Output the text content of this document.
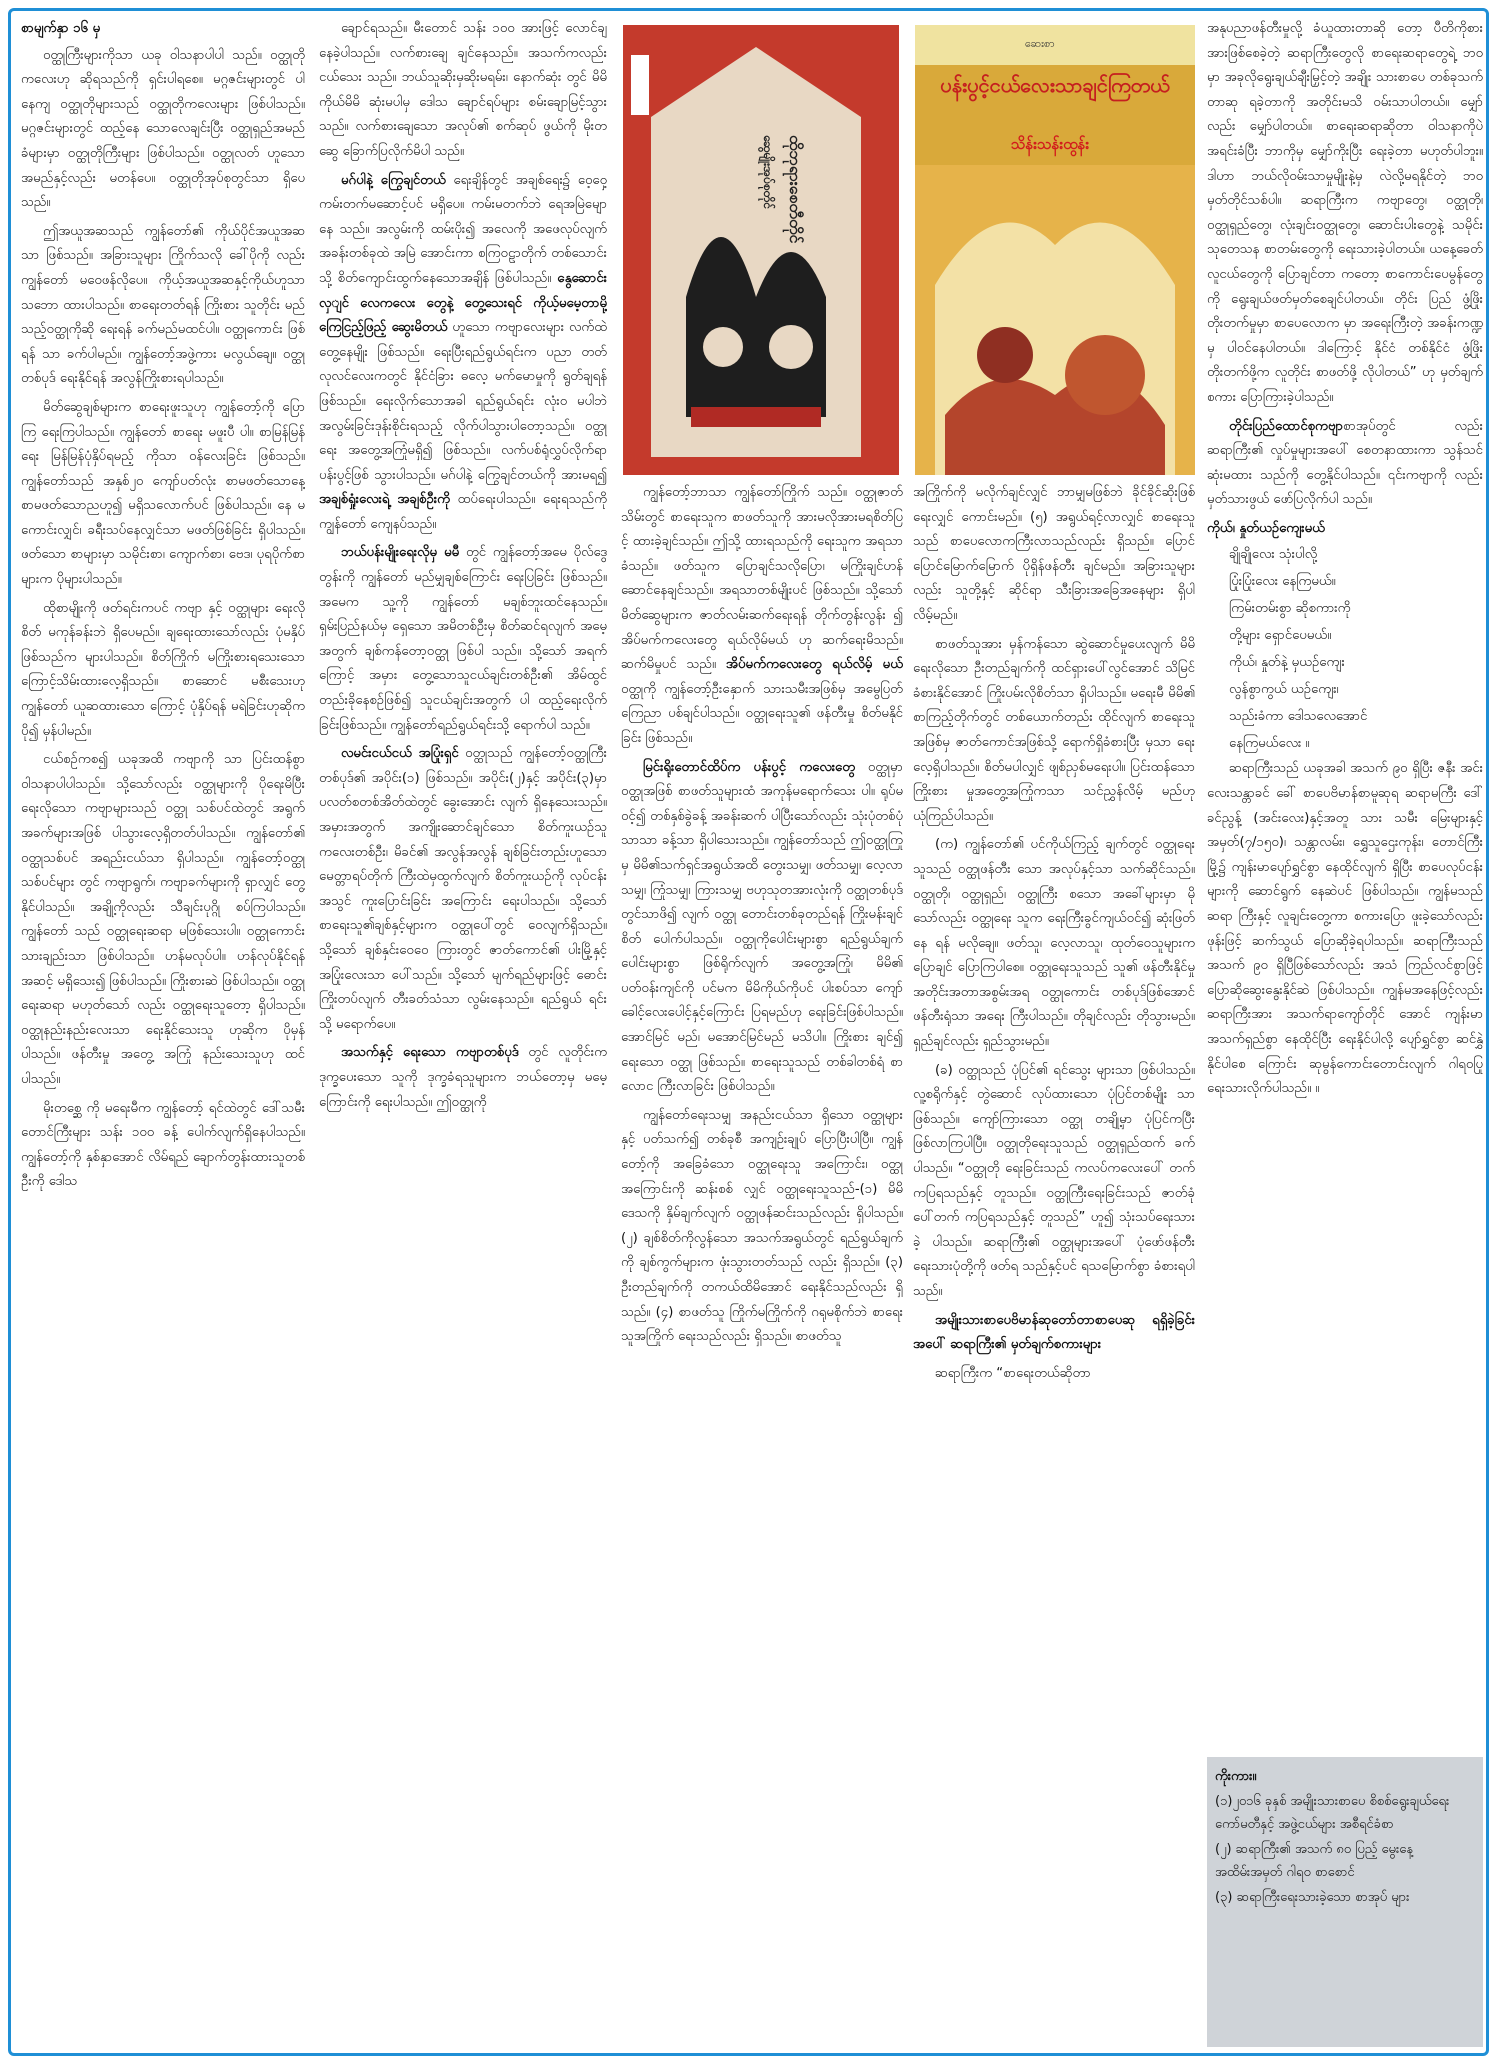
စာမျက်နှာ ၁၆ မှ

ဝတ္ထုကြီးများကိုသာ ယခု ဝါသနာပါပါ သည်။ ဝတ္ထုတိုကလေးဟု ဆိုရသည်ကို ရှင်းပါရစေ။ မဂ္ဂဇင်းများတွင် ပါနေကျ ဝတ္ထုတိုများသည် ဝတ္ထုတိုကလေးများ ဖြစ်ပါသည်။ မဂ္ဂဇင်းများတွင် ထည့်နေ သောလေချင်းပြီး ဝတ္ထုရှည်အမည်ခံများမှာ ဝတ္ထုတိုကြီးများ ဖြစ်ပါသည်။ ဝတ္ထုလတ် ဟူသော အမည်နှင့်လည်း မတန်ပေ။ ဝတ္ထုတိုအုပ်စုတွင်သာ ရှိပေသည်။

ဤအယူအဆသည် ကျွန်တော်၏ ကိုယ်ပိုင်အယူအဆသာ ဖြစ်သည်။ အခြားသူများ ကြိုက်သလို ခေါ်ပိုကို လည်း ကျွန်တော် မဝေဖန်လိုပေ။ ကိုယ့်အယူအဆနှင့်ကိုယ်ဟူသာသဘော ထားပါသည်။ စာရေးတတ်ရန် ကြိုးစား သူတိုင်း မည်သည့်ဝတ္ထုကိုဆို ရေးရန် ခက်မည်မထင်ပါ။ ဝတ္ထုကောင်း ဖြစ်ရန် သာ ခက်ပါမည်။ ကျွန်တော့်အဖွဲ့ကား မလွယ်ချေ။ ဝတ္ထုတစ်ပုဒ် ရေးနိုင်ရန် အလွန်ကြိုးစားရပါသည်။

မိတ်ဆွေချစ်များက စာရေးဖူးသူဟု ကျွန်တော့်ကို ပြောကြ ရေးကြပါသည်။ ကျွန်တော် စာရေး မဖူးပီ ပါ။ စာမြန်မြန်ရေး မြန်မြန်ပုံနှိပ်ရမည့် ကိုသာ ဝန်လေးခြင်း ဖြစ်သည်။ ကျွန်တော်သည် အနှစ်၂၀ ကျော်ပတ်လုံး စာမဖတ်သောနေ့ စာမဖတ်သောညဟူ၍ မရှိသလောက်ပင် ဖြစ်ပါသည်။ နေ မကောင်းလျှင်၊ ခရီးသပ်နေလျှင်သာ မဖတ်ဖြစ်ခြင်း ရှိပါသည်။ ဖတ်သော စာများမှာ သမိုင်းစာ၊ ကျောက်စာ၊ ဗေဒ၊ ပုရပိုက်စာများက ပိုများပါသည်။

ထိုစာမျိုးကို ဖတ်ရင်းကပင် ကဗျာ နှင့် ဝတ္ထုများ ရေးလိုစိတ် မကုန်ခန်းဘဲ ရှိပေမည်။ ချရေးထားသော်လည်း ပုံမနှိပ်ဖြစ်သည်က များပါသည်။ စိတ်ကြိုက် မကြိုးစားရသေးသော ကြောင့်သိမ်းထားလေ့ရှိသည်။ စာဆောင် မစီးသေးဟု ကျွန်တော် ယူဆထားသော ကြောင့် ပုံနှိပ်ရန် မရဲခြင်းဟုဆိုက ပို၍ မှန်ပါမည်။

ငယ်စဉ်ကစ၍ ယခုအထိ ကဗျာကို သာ ပြင်းထန်စွာ ဝါသနာပါပါသည်။ သို့သော်လည်း ဝတ္ထုများကို ပိုရေးမိပြီး ရေးလိုသော ကဗျာများသည် ဝတ္ထု သစ်ပင်ထဲတွင် အရွက်အခက်များအဖြစ် ပါသွားလေ့ရှိတတ်ပါသည်။ ကျွန်တော်၏ ဝတ္ထုသစ်ပင် အရည်းငယ်သာ ရှိပါသည်။ ကျွန်တော့်ဝတ္ထုသစ်ပင်များ တွင် ကဗျာရွက်၊ ကဗျာခက်များကို ရှာလျှင် တွေ့နိုင်ပါသည်။ အချို့ကိုလည်း သီချင်းပုဂ္ဂို စပ်ကြပါသည်။ ကျွန်တော် သည် ဝတ္ထုရေးဆရာ မဖြစ်သေးပါ။ ဝတ္ထုကောင်းသားချည်းသာ ဖြစ်ပါသည်။ ဟန်မလုပ်ပါ။ ဟန်လုပ်နိုင်ရန် အဆင့် မရှိသေး၍ ဖြစ်ပါသည်။ ကြိုးစားဆဲ ဖြစ်ပါသည်။ ဝတ္ထုရေးဆရာ မဟုတ်သော် လည်း ဝတ္ထုရေးသူတော့ ရှိပါသည်။ ဝတ္ထုနည်းနည်းလေးသာ ရေးနိုင်သေးသူ ဟုဆိုက ပိုမှန်ပါသည်။ ဖန်တီးမှု အတွေ့ အကြုံ နည်းသေးသူဟု ထင်ပါသည်။

မိုးတစ္ဆေ ကို မရေးမီက ကျွန်တော့် ရင်ထဲတွင် ဒေါ်သမီးတောင်ကြီးများ သန်း ၁၀၀ ခန့် ပေါက်လျက်ရှိနေပါသည်။ ကျွန်တော့်ကို နှစ်နှာအောင် လိမ်ရည် ချောက်တွန်းထားသူတစ်ဦးကို ဒေါသ

ချောင်ရသည်။ မီးတောင် သန်း ၁၀၀ အားဖြင့် လောင်ချနေခဲ့ပါသည်။ လက်စားချေ ချင်နေသည်။ အသက်ကလည်း ငယ်သေး သည်။ ဘယ်သူဆိုးမှဆိုးမရမ်း၊ နောက်ဆုံး တွင် မိမိကိုယ်မိမိ ဆုံးမပါမှ ဒေါသ ချောင်ရပ်များ စမ်းချောမြင့်သွားသည်။ လက်စားချေသော အလုပ်၏ စက်ဆုပ် ဖွယ်ကို မိုးတဆွေ ခြောက်ပြလိုက်မိပါ သည်။

မဂ်ပါနဲ့ ကြွေချင်တယ် ရေးချိန်တွင် အချစ်ရေး၌ ဝေ့ဝှေ့ကမ်းတက်မဆောင့်ပင် မရှိပေ။ ကမ်းမတက်ဘဲ ရေအမြဲမျောနေ သည်။ အလွမ်းကို ထမ်းပိုး၍ အလေကို အဖေလုပ်လျက် အခန်းတစ်ခုထဲ အမြဲ အောင်းကာ စကြဝဠာတိုက် တစ်သောင်း သို့ စိတ်ကျောင်းထွက်နေသောအချိန် ဖြစ်ပါသည်။ နွေဆောင်းလှျင် လေကလေး တွေနဲ့ တွေ့သေးရင် ကိုယ့်မမေ့တာမို့ ကြေငြည့်ဖြည့် ဆွေးမိတယ် ဟူသော ကဗျာလေးများ လက်ထဲတွေ့နေမျိုး ဖြစ်သည်။ ရေးပြီးရည်ရွယ်ရင်းက ပညာ တတ်လုလင်လေးကတွင် နိုင်ငံခြား ဓလေ့ မက်မောမှုကို ရွတ်ချရန် ဖြစ်သည်။ ရေးလိုက်သောအခါ ရည်ရွယ်ရင်း လုံးဝ မပါဘဲ အလွမ်းခြင်းဒုန်းစိုင်းရသည့် လိုက်ပါသွားပါတော့သည်။ ဝတ္ထုရေး အတွေ့အကြုံမရှိ၍ ဖြစ်သည်။ လက်ပစ်ရုံလွှပ်လိုက်ရာ ပန်းပွင့်ဖြစ် သွားပါသည်။ မဂ်ပါနဲ့ ကြွေချင်တယ်ကို အားမရ၍ အချစ်ရှုံးလေးရဲ့ အချစ်ဦးကို ထပ်ရေးပါသည်။ ရေးရသည်ကို ကျွန်တော် ကျေနပ်သည်။

ဘယ်ပန်းမျိုးရေးလိုမှ မမီ တွင် ကျွန်တော့်အမေ ပိုလ်ဒွေတွန်းကို ကျွန်တော် မည်မျှချစ်ကြောင်း ရေးပြခြင်း ဖြစ်သည်။ အမေက သူ့ကို ကျွန်တော် မချစ်ဘူးထင်နေသည်။ ရှမ်းပြည်နယ်မှ ရှေသော အမိတစ်ဦးမှ စိတ်ဆင်ရလျက် အမေ့အတွက် ချစ်ကန်တော့ဝတ္ထု ဖြစ်ပါ သည်။ သို့သော် အရက်ကြောင့် အမှား တွေ့သောသူငယ်ချင်းတစ်ဦး၏ အိမ်ထွင် တည်းခိုနေစဉ်ဖြစ်၍ သူငယ်ချင်းအတွက် ပါ ထည့်ရေးလိုက်ခြင်းဖြစ်သည်။ ကျွန်တော်ရည်ရွယ်ရင်းသို့ ရောက်ပါ သည်။

လမင်းငယ်ငယ် အပြုံးရှင် ဝတ္ထုသည် ကျွန်တော့်ဝတ္ထုကြီးတစ်ပုဒ်၏ အပိုင်း(၁) ဖြစ်သည်။ အပိုင်း(၂)နှင့် အပိုင်း(၃)မှာ ပလတ်စတစ်အိတ်ထဲတွင် ခွေးအောင်း လျက် ရှိနေသေးသည်။ အမှားအတွက် အကျိုးဆောင်ချင်သော စိတ်ကူးယဉ်သူ ကလေးတစ်ဦး၊ မိခင်၏ အလွန်အလွန် ချစ်ခြင်းတည်းဟူသော မေတ္တာရပ်တိုက် ကြီးထဲမှထွက်လျက် စိတ်ကူးယဉ်ကို လုပ်ငန်းအသွင် ကူးပြောင်းခြင်း အကြောင်း ရေးပါသည်။ သို့သော် စာရေးသူ၏ချစ်နှင့်များက ဝတ္ထုပေါ်တွင် ဝေလျက်ရှိသည်။ သို့သော် ချစ်နှင်းဝေဝေ ကြားတွင် ဇာတ်ကောင်၏ ပါးမြို့နှင့် အပြုံးလေးသာ ပေါ်သည်။ သို့သော် မျက်ရည်များဖြင့် ဓောင်းကြိုးတပ်လျက် တီးခတ်သံသာ လွမ်းနေသည်။ ရည်ရွယ် ရင်းသို့ မရောက်ပေ။

အသက်နှင့် ရေးသော ကဗျာတစ်ပုဒ် တွင် လူတိုင်းက ဒုက္ခပေးသော သူကို ဒုက္ခခံရသူများက ဘယ်တော့မှ မမေ့ ကြောင်းကို ရေးပါသည်။ ဤဝတ္ထုကို

ထိုဘုရားစေတီတိုင်
ဆွေမျိုးအုပ်စုတိုင်
ဆေးစာ
ပန်းပွင့်ငယ်လေးသာချင်ကြတယ်
သိန်းသန်းထွန်း

ကျွန်တော့်ဘာသာ ကျွန်တော်ကြိုက် သည်။ ဝတ္ထုဇာတ်သိမ်းတွင် စာရေးသူက စာဖတ်သူကို အားမလိုအားမရစိတ်ပြင့် ထားခဲ့ချင်သည်။ ဤသို့ ထားရသည်ကို ရေးသူက အရသာခံသည်။ ဖတ်သူက ပြောချင်သလိုပြော၊ မကြိုးချင်ဟန် ဆောင်နေချင်သည်။ အရသာတစ်မျိုးပင် ဖြစ်သည်။ သို့သော် မိတ်ဆွေများက ဇာတ်လမ်းဆက်ရေးရန် တိုက်တွန်းလွန်း ၍ အိပ်မက်ကလေးတွေ ရယ်လိုမ်မယ် ဟု ဆက်ရေးမိသည်။ ဆက်မိမှုပင် သည်။ အိပ်မက်ကလေးတွေ ရယ်လိမ့် မယ် ဝတ္ထုကို ကျွန်တော့်ဦးနှောက် သားသမီးအဖြစ်မှ အမွေပြတ် ကြေညာ ပစ်ချင်ပါသည်။ ဝတ္ထုရေးသူ၏ ဖန်တီးမှု စိတ်မနိုင်ခြင်း ဖြစ်သည်။

မြင်းရိုးတောင်ထိပ်က ပန်းပွင့် ကလေးတွေ ဝတ္ထုမှာ ဝတ္ထုအဖြစ် စာဖတ်သူများထံ အကုန်မရောက်သေး ပါ။ ရုပ်မဝင့်၍ တစ်နှစ်ခွဲခန့် အခန်းဆက် ပါပြီးသော်လည်း သုံးပုံတစ်ပုံသာသာ ခန့်သာ ရှိပါသေးသည်။ ကျွန်တော်သည် ဤဝတ္ထုကြုမှ မိမိ၏သက်ရှင်အရွယ်အထိ တွေးသမျှ၊ ဖတ်သမျှ၊ လေ့လာသမျှ၊ ကြုံသမျှ၊ ကြားသမျှ ဗဟုသုတအားလုံးကို ဝတ္ထုတစ်ပုဒ်တွင်သာဖိ၍ လျက် ဝတ္ထု တောင်းတစ်ခုတည်ရန် ကြိုးမန်းချင်စိတ် ပေါက်ပါသည်။ ဝတ္ထုကိုပေါင်းများစွာ ရည်ရွယ်ချက်ပေါင်းများစွာ ဖြစ်ရိုက်လျက် အတွေ့အကြုံ၊ မိမိ၏ ပတ်ဝန်းကျင်ကို ပင်မက မိမိကိုယ်ကိုပင် ပါးစပ်သာ ကျော်ခေါင့်လေးပေါင့်နှင့်ကြောင်း ပြရမည်ဟု ရေးခြင်းဖြစ်ပါသည်။ အောင်မြင် မည်၊ မအောင်မြင်မည် မသိပါ။ ကြိုးစား ချင်၍ ရေးသော ဝတ္ထု ဖြစ်သည်။ စာရေးသူသည် တစ်ခါတစ်ရံ စာလောင ကြီးလာခြင်း ဖြစ်ပါသည်။

ကျွန်တော်ရေးသမျှ အနည်းငယ်သာ ရှိသော ဝတ္ထုများနှင့် ပတ်သက်၍ တစ်ခုစီ အကျဉ်းချုပ် ပြောပြီးပါပြီ။ ကျွန်တော့်ကို အခြေခံသော ဝတ္ထုရေးသူ အကြောင်း၊ ဝတ္ထုအကြောင်းကို ဆန်းစစ် လျှင် ဝတ္ထုရေးသူသည်-(၁) မိမိဒေသကို နှိမ်ချက်လျက် ဝတ္ထုဖန်ဆင်းသည်လည်း ရှိပါသည်။ (၂) ချစ်စိတ်ကိုလွန်သော အသက်အရွယ်တွင် ရည်ရွယ်ချက်ကို ချစ်ကွက်များက ဖုံးသွားတတ်သည် လည်း ရှိသည်။ (၃) ဦးတည်ချက်ကို တကယ်ထိမိအောင် ရေးနိုင်သည်လည်း ရှိသည်။ (၄) စာဖတ်သူ ကြိုက်မကြိုက်ကို ဂရုမစိုက်ဘဲ စာရေးသူအကြိုက် ရေးသည်လည်း ရှိသည်။ စာဖတ်သူ

အကြိုက်ကို မလိုက်ချင်လျှင် ဘာမျှမဖြစ်ဘဲ ခိုင်ခိုင်ဆိုးဖြစ်ရေးလျှင် ကောင်းမည်။ (၅) အရွယ်ရင့်လာလျှင် စာရေးသူသည် စာပေလောကကြီးလာသည်လည်း ရှိသည်။ ပြောင်ပြောင်မြောက်မြောက် ပိုရှိန်ဖန်တီး ချင်မည်။ အခြားသူများလည်း သူတို့နှင့် ဆိုင်ရာ သီးခြားအခြေအနေများ ရှိပါ လိမ့်မည်။

စာဖတ်သူအား မှန်ကန်သော ဆွဲဆောင်မှုပေးလျက် မိမိရေးလိုသော ဦးတည်ချက်ကို ထင်ရှားပေါ်လွင်အောင် သိမြင်ခံစားနိုင်အောင် ကြိုးပမ်းလိုစိတ်သာ ရှိပါသည်။ မရေးမီ မိမိ၏ စာကြည့်တိုက်တွင် တစ်ယောက်တည်း ထိုင်လျက် စာရေးသူအဖြစ်မှ ဇာတ်ကောင်အဖြစ်သို့ ရောက်ရှိခံစားပြီး မှသာ ရေးလေ့ရှိပါသည်။ စိတ်မပါလျှင် ဖျစ်ညှစ်မရေးပါ။ ပြင်းထန်သောကြိုးစား မှုအတွေ့အကြုံကသာ သင်ညွှန်လိမ့် မည်ဟု ယုံကြည်ပါသည်။

(က) ကျွန်တော်၏ ပင်ကိုယ်ကြည့် ချက်တွင် ဝတ္ထုရေးသူသည် ဝတ္ထုဖန်တီး သော အလုပ်နှင့်သာ သက်ဆိုင်သည်။ ဝတ္ထုတို၊ ဝတ္ထုရှည်၊ ဝတ္ထုကြီး စသော အခေါ်များမှာ မိုသော်လည်း ဝတ္ထုရေး သူက ရေးကြီးခွင်ကျယ်ဝင်၍ ဆုံးဖြတ်နေ ရန် မလိုချေ။ ဖတ်သူ၊ လေ့လာသူ၊ ထုတ်ဝေသူများက ပြောချင် ပြောကြပါစေ။ ဝတ္ထုရေးသူသည် သူ၏ ဖန်တီးနိုင်မှု အတိုင်းအတာအစွမ်းအရ ဝတ္ထုကောင်း တစ်ပုဒ်ဖြစ်အောင် ဖန်တီးရုံသာ အရေး ကြီးပါသည်။ တိုချင်လည်း တိုသွားမည်။ ရှည်ချင်လည်း ရှည်သွားမည်။

(ခ) ဝတ္ထုသည် ပုံပြင်၏ ရင်သွေး များသာ ဖြစ်ပါသည်။ လူ့စရိုက်နှင့် တွဲဆောင် လုပ်ထားသော ပုံပြင်တစ်မျိုး သာ ဖြစ်သည်။ ကျော်ကြားသော ဝတ္ထု တချို့မှာ ပုံပြင်ကပြီး ဖြစ်လာကြပါပြီ။ ဝတ္ထုတိုရေးသူသည် ဝတ္ထုရှည်ထက် ခက်ပါသည်။ “ဝတ္ထုတို ရေးခြင်းသည် ကလပ်ကလေးပေါ် တက်ကပြရသည်နှင့် တူသည်။ ဝတ္ထုကြီးရေးခြင်းသည် ဇာတ်ခုံပေါ်တက် ကပြရသည်နှင့် တူသည်” ဟူ၍ သုံးသပ်ရေးသားခဲ့ ပါသည်။ ဆရာကြီး၏ ဝတ္ထုများအပေါ် ပုံဖော်ဖန်တီးရေးသားပုံတို့ကို ဖတ်ရ သည်နှင့်ပင် ရသမြောက်စွာ ခံစားရပါ သည်။

အမျိုးသားစာပေဗိမာန်ဆုတော်တာစာပေဆု ရရှိခဲ့ခြင်းအပေါ် ဆရာကြီး၏ မှတ်ချက်စကားများ

ဆရာကြီးက “စာရေးတယ်ဆိုတာ

အနုပညာဖန်တီးမှုလို့ ခံယူထားတာဆို တော့ ပီတိကိုစား အားဖြစ်စေခဲ့တဲ့ ဆရာကြီးတွေလို စာရေးဆရာတွေရဲ့ ဘဝမှာ အခုလိုရွေးချယ်ချီးမြှင့်တဲ့ အချိုး သားစာပေ တစ်ခုသက်တာဆု ရခဲ့တာကို အတိုင်းမသိ ဝမ်းသာပါတယ်။ မျှော် လည်း မျှော်ပါတယ်။ စာရေးဆရာဆိုတာ ဝါသနာကိုပဲ အရင်းခံပြီး ဘာကိုမှ မျှော်ကိုးပြီး ရေးခဲ့တာ မဟုတ်ပါဘူး။ ဒါဟာ ဘယ်လိုဝမ်းသာမှုမျိုးနဲ့မှ လဲလို့မရနိုင်တဲ့ ဘဝမှတ်တိုင်သစ်ပါ။ ဆရာကြီးက ကဗျာတွေ၊ ဝတ္ထုတို၊ ဝတ္ထုရှည်တွေ၊ လုံးချင်းဝတ္ထုတွေ၊ ဆောင်းပါးတွေနဲ့ သမိုင်းသုတေသန စာတမ်းတွေကို ရေးသားခဲ့ပါတယ်။ ယနေ့ခေတ် လူငယ်တွေကို ပြောချင်တာ ကတော့ စာကောင်းပေမွန်တွေကို ရွေးချယ်ဖတ်မှတ်စေချင်ပါတယ်။ တိုင်း ပြည် ဖွံ့ဖြိုးတိုးတက်မှုမှာ စာပေလောက မှာ အရေးကြီးတဲ့ အခန်းကဏ္ဍမှ ပါဝင်နေပါတယ်။ ဒါကြောင့် နိုင်ငံ တစ်နိုင်ငံ ဖွံ့ဖြိုးတိုးတက်ဖို့က လူတိုင်း စာဖတ်ဖို့ လိုပါတယ်” ဟု မှတ်ချက်စကား ပြောကြားခဲ့ပါသည်။

တိုင်းပြည်ထောင်စုကဗျာစာအုပ်တွင် လည်း ဆရာကြီး၏ လှုပ်မှုများအပေါ် စေတနာထားကာ သွန်သင်ဆုံးမထား သည်ကို တွေ့နိုင်ပါသည်။ ၎င်းကဗျာကို လည်း မှတ်သားဖွယ် ဖော်ပြလိုက်ပါ သည်။

ကိုယ်၊ နှုတ်ယဉ်ကျေးမယ်
ချိုချိုလေး သုံးပါလို့
ပြုံးပြုံးလေး နေကြမယ်။
ကြမ်းတမ်းစွာ ဆိုစကားကို
တို့များ ရှောင်ပေမယ်။
ကိုယ်၊ နှုတ်နဲ့ မှယဉ်ကျေး
လွန်စွာကွယ် ယဉ်ကျေး၊
သည်းခံကာ ဒေါသလေအောင်
နေကြမယ်လေး ။

ဆရာကြီးသည် ယခုအခါ အသက် ၉၀ ရှိပြီး ဇနီး အင်းလေးသန္တာခင် ခေါ် စာပေဗိမာန်စာမူဆုရ ဆရာမကြီး ဒေါ်ခင်ညွန့် (အင်းလေး)နှင့်အတူ သား သမီး မြေးများနှင့် အမှတ်(၇/၁၅၀)၊ သန္တာလမ်း၊ ရွှေသူဌေးကုန်း၊ တောင်ကြီး မြို့၌ ကျန်းမာပျော်ရွှင်စွာ နေထိုင်လျက် ရှိပြီး စာပေလုပ်ငန်းများကို ဆောင်ရွက် နေဆဲပင် ဖြစ်ပါသည်။ ကျွန်မသည် ဆရာ ကြီးနှင့် လူချင်းတွေ့ကာ စကားပြော ဖူးခဲ့သော်လည်း ဖုန်းဖြင့် ဆက်သွယ် ပြောဆိုခဲ့ရပါသည်။ ဆရာကြီးသည် အသက် ၉၀ ရှိပြီဖြစ်သော်လည်း အသံ ကြည်လင်စွာဖြင့် ပြောဆိုဆွေးနွေးနိုင်ဆဲ ဖြစ်ပါသည်။ ကျွန်မအနေဖြင့်လည်း ဆရာကြီးအား အသက်ရာကျော်တိုင် အောင် ကျန်းမာအသက်ရှည်စွာ နေထိုင်ပြီး ရေးနိုင်ပါလို့ ပျော်ရွှင်စွာ ဆင်နွှဲနိုင်ပါစေ ကြောင်း ဆုမွန်ကောင်းတောင်းလျက် ဂါရဝပြု ရေးသားလိုက်ပါသည်။ ။

ကိုးကား။
(၁)၂၀၁၆ ခုနှစ် အမျိုးသားစာပေ စိစစ်ရွေးချယ်ရေး ကော်မတီနှင့် အဖွဲ့ငယ်များ အစီရင်ခံစာ
(၂) ဆရာကြီး၏ အသက် ၈၀ ပြည့် မွေးနေ့အထိမ်းအမှတ် ဂါရဝ စာစောင်
(၃) ဆရာကြီးရေးသားခဲ့သော စာအုပ် များ
